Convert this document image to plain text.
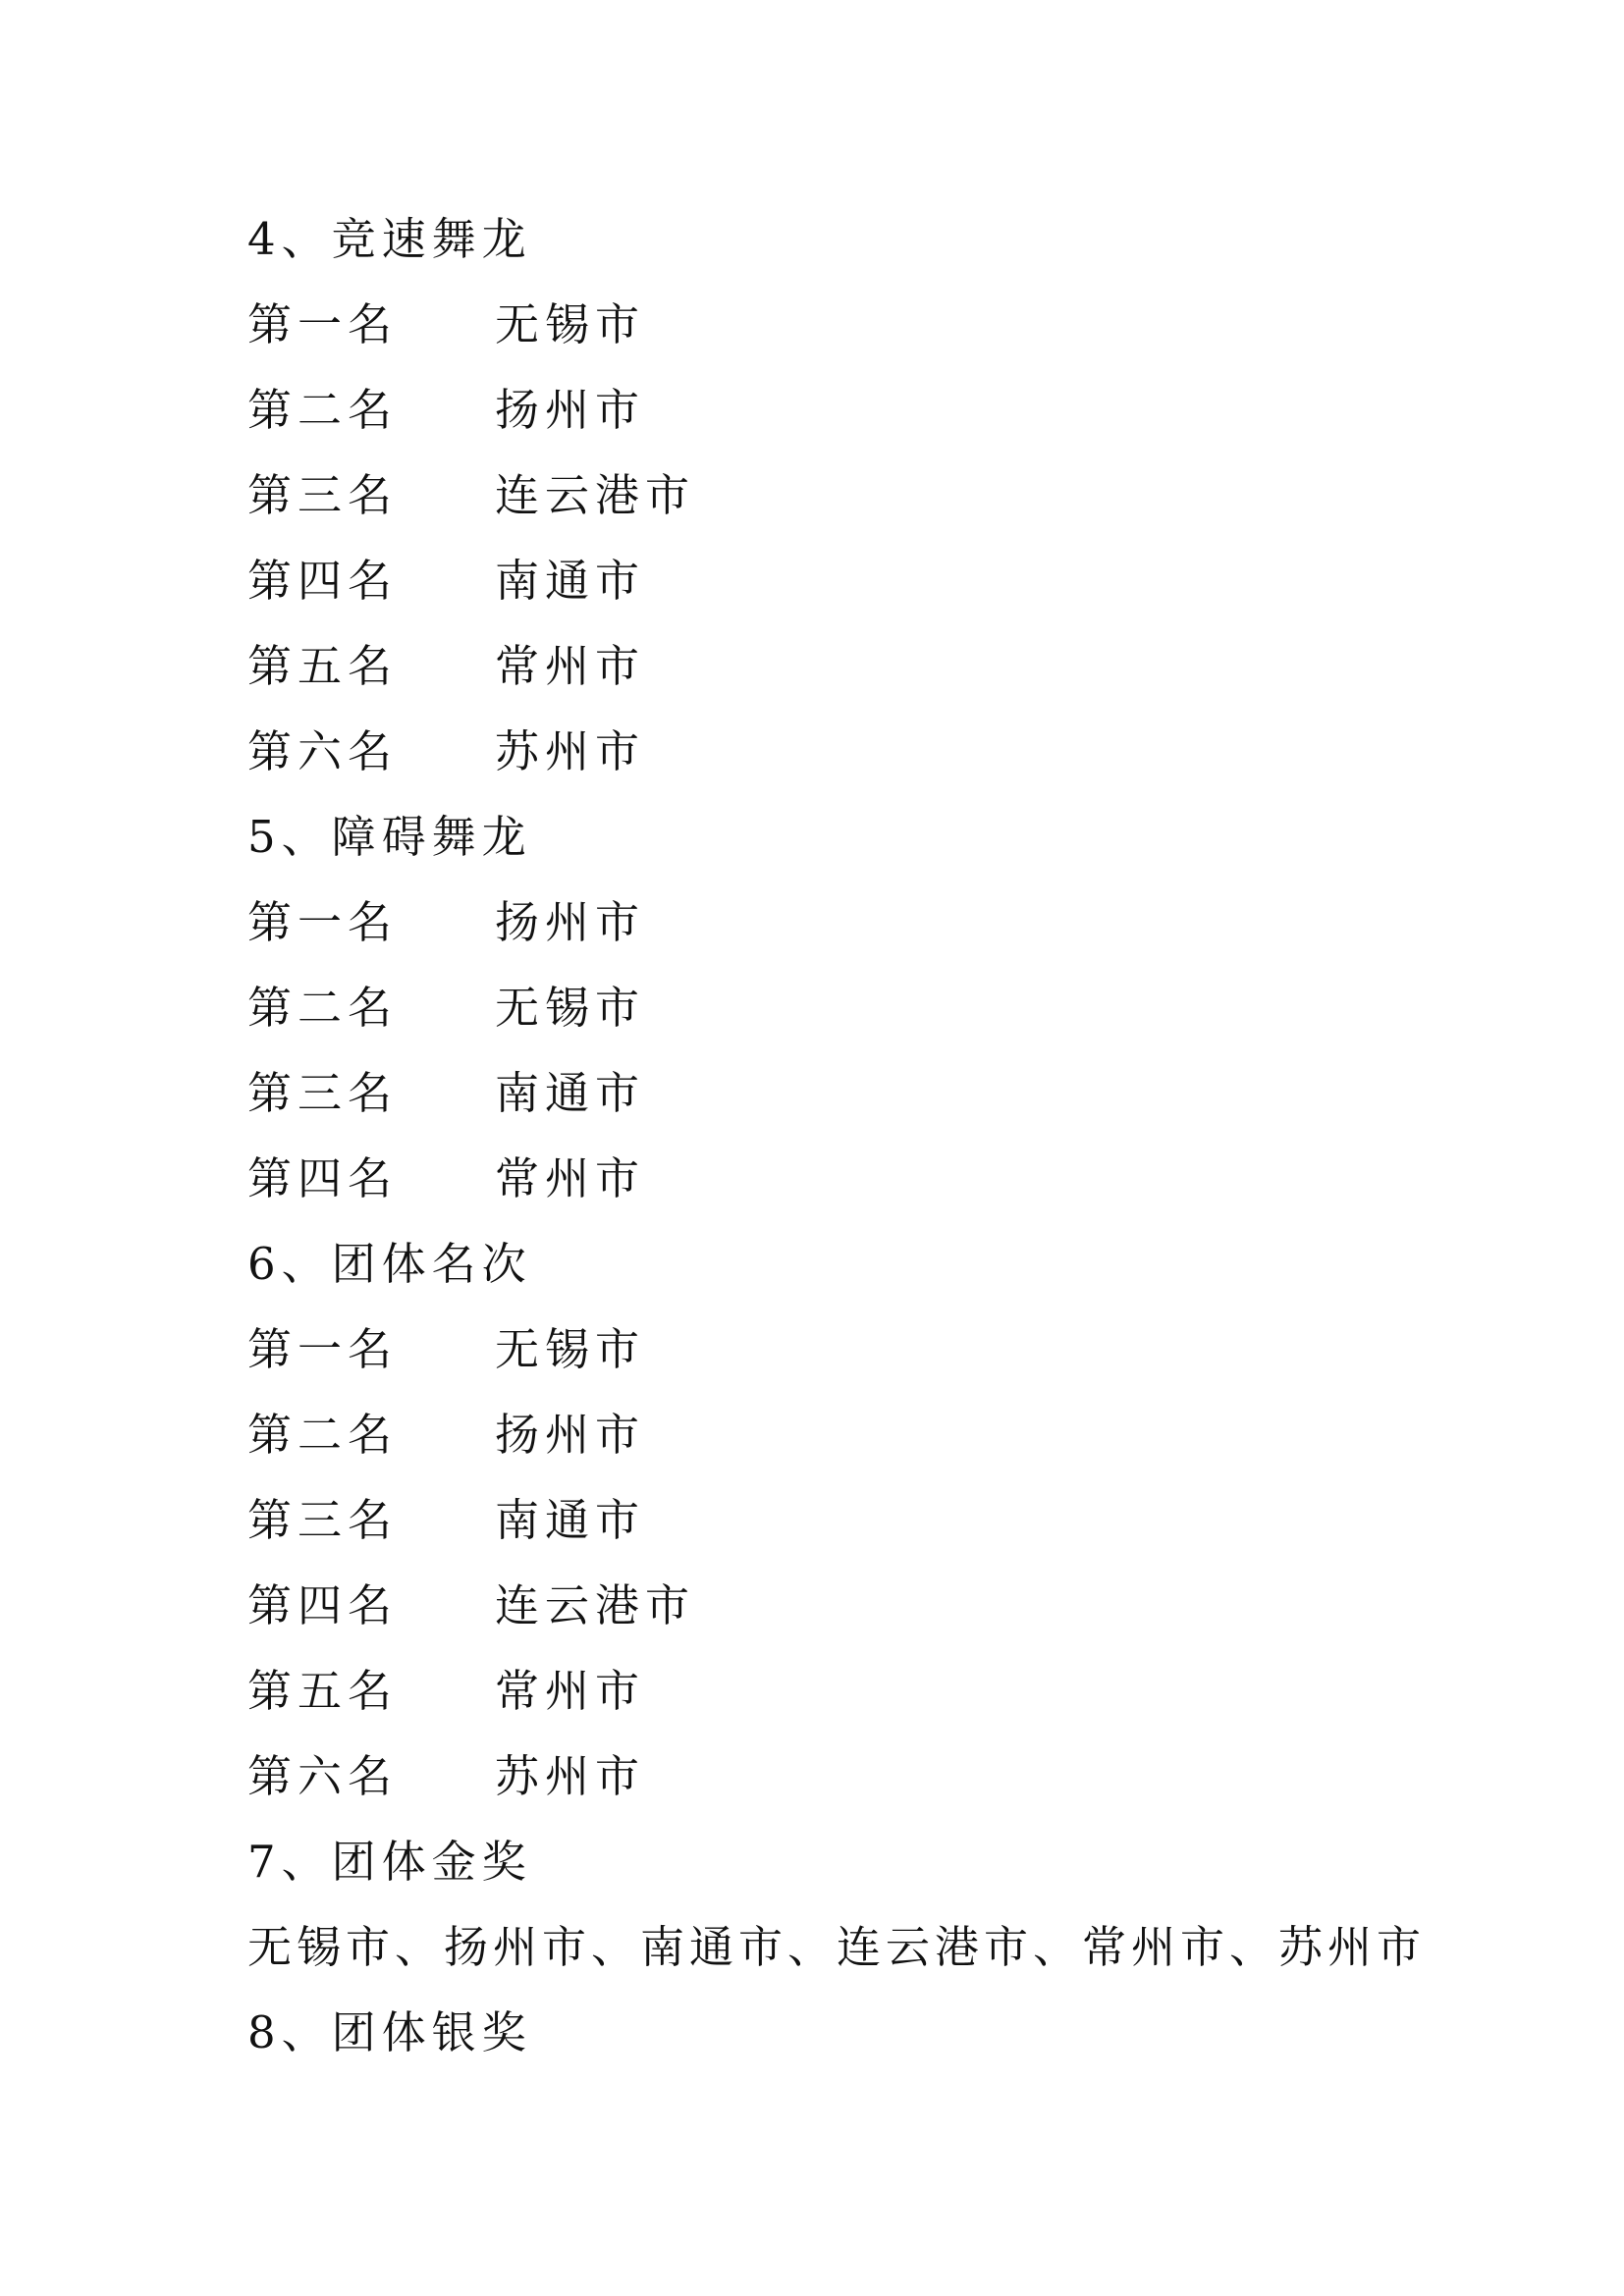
4、竞速舞龙
第一名 无锡市
第二名 扬州市
第三名 连云港市
第四名 南通市
第五名 常州市
第六名 苏州市
5、障碍舞龙
第一名 扬州市
第二名 无锡市
第三名 南通市
第四名 常州市
6、团体名次
第一名 无锡市
第二名 扬州市
第三名 南通市
第四名 连云港市
第五名 常州市
第六名 苏州市
7、团体金奖
无锡市、扬州市、南通市、连云港市、常州市、苏州市
8、团体银奖
